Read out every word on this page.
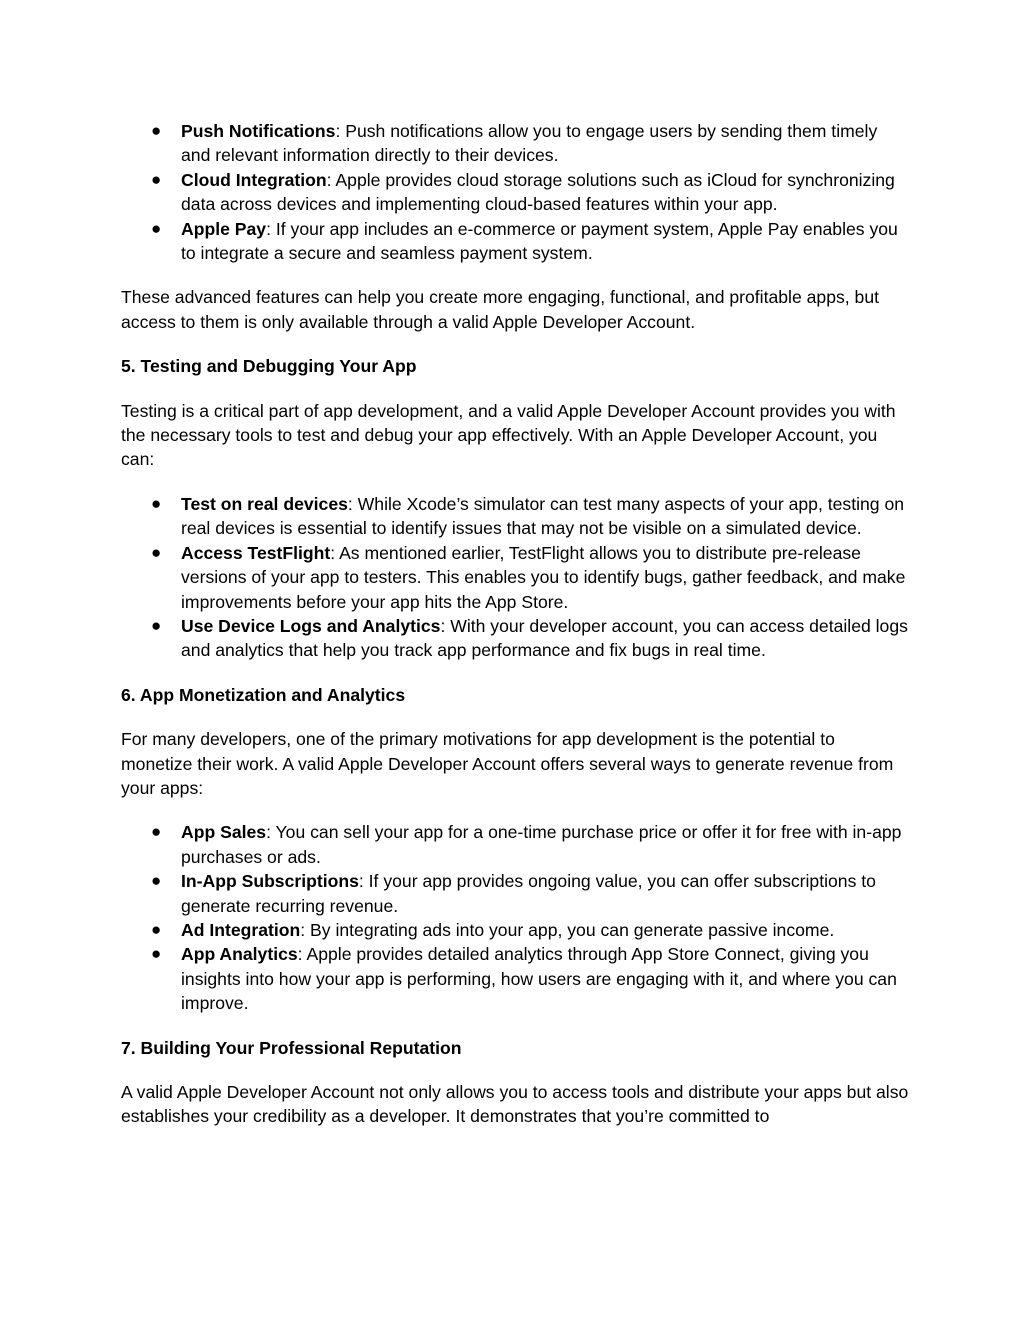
● Push Notifications: Push notifications allow you to engage users by sending them timely and relevant information directly to their devices.
● Cloud Integration: Apple provides cloud storage solutions such as iCloud for synchronizing data across devices and implementing cloud-based features within your app.
● Apple Pay: If your app includes an e-commerce or payment system, Apple Pay enables you to integrate a secure and seamless payment system.

These advanced features can help you create more engaging, functional, and profitable apps, but access to them is only available through a valid Apple Developer Account.

5. Testing and Debugging Your App

Testing is a critical part of app development, and a valid Apple Developer Account provides you with the necessary tools to test and debug your app effectively. With an Apple Developer Account, you can:

● Test on real devices: While Xcode’s simulator can test many aspects of your app, testing on real devices is essential to identify issues that may not be visible on a simulated device.
● Access TestFlight: As mentioned earlier, TestFlight allows you to distribute pre-release versions of your app to testers. This enables you to identify bugs, gather feedback, and make improvements before your app hits the App Store.
● Use Device Logs and Analytics: With your developer account, you can access detailed logs and analytics that help you track app performance and fix bugs in real time.

6. App Monetization and Analytics

For many developers, one of the primary motivations for app development is the potential to monetize their work. A valid Apple Developer Account offers several ways to generate revenue from your apps:

● App Sales: You can sell your app for a one-time purchase price or offer it for free with in-app purchases or ads.
● In-App Subscriptions: If your app provides ongoing value, you can offer subscriptions to generate recurring revenue.
● Ad Integration: By integrating ads into your app, you can generate passive income.
● App Analytics: Apple provides detailed analytics through App Store Connect, giving you insights into how your app is performing, how users are engaging with it, and where you can improve.

7. Building Your Professional Reputation

A valid Apple Developer Account not only allows you to access tools and distribute your apps but also establishes your credibility as a developer. It demonstrates that you’re committed to
